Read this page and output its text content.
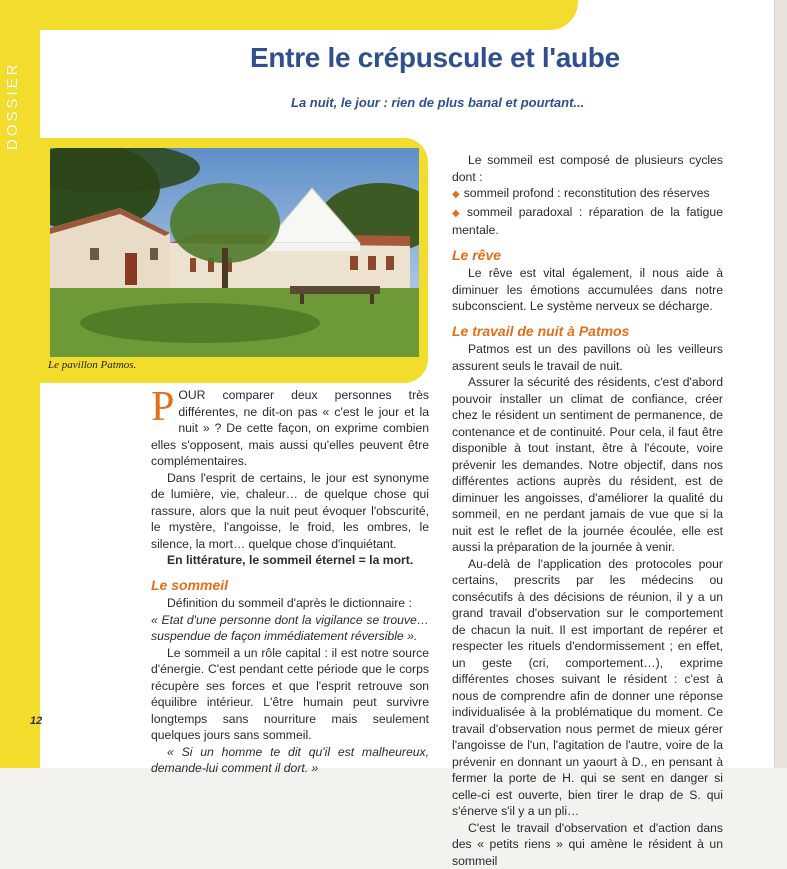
DOSSIER
Entre le crépuscule et l'aube
La nuit, le jour : rien de plus banal et pourtant...
Le pavillon Patmos.

POUR comparer deux personnes très différentes, ne dit-on pas « c'est le jour et la nuit » ? De cette façon, on exprime combien elles s'opposent, mais aussi qu'elles peuvent être complémentaires.

Dans l'esprit de certains, le jour est synonyme de lumière, vie, chaleur… de quelque chose qui rassure, alors que la nuit peut évoquer l'obscurité, le mystère, l'angoisse, le froid, les ombres, le silence, la mort… quelque chose d'inquiétant.

En littérature, le sommeil éternel = la mort.

Le sommeil

Définition du sommeil d'après le dictionnaire :

« Etat d'une personne dont la vigilance se trouve…suspendue de façon immédiatement réversible ».

Le sommeil a un rôle capital : il est notre source d'énergie. C'est pendant cette période que le corps récupère ses forces et que l'esprit retrouve son équilibre intérieur. L'être humain peut survivre longtemps sans nourriture mais seulement quelques jours sans sommeil.

« Si un homme te dit qu'il est malheureux, demande-lui comment il dort. »

Le sommeil est composé de plusieurs cycles dont :

◆ sommeil profond : reconstitution des réserves

◆ sommeil paradoxal : réparation de la fatigue mentale.

Le rêve

Le rêve est vital également, il nous aide à diminuer les émotions accumulées dans notre subconscient. Le système nerveux se décharge.

Le travail de nuit à Patmos

Patmos est un des pavillons où les veilleurs assurent seuls le travail de nuit.

Assurer la sécurité des résidents, c'est d'abord pouvoir installer un climat de confiance, créer chez le résident un sentiment de permanence, de contenance et de continuité. Pour cela, il faut être disponible à tout instant, être à l'écoute, voire prévenir les demandes. Notre objectif, dans nos différentes actions auprès du résident, est de diminuer les angoisses, d'améliorer la qualité du sommeil, en ne perdant jamais de vue que si la nuit est le reflet de la journée écoulée, elle est aussi la préparation de la journée à venir.

Au-delà de l'application des protocoles pour certains, prescrits par les médecins ou consécutifs à des décisions de réunion, il y a un grand travail d'observation sur le comportement de chacun la nuit. Il est important de repérer et respecter les rituels d'endormissement ; en effet, un geste (cri, comportement…), exprime différentes choses suivant le résident : c'est à nous de comprendre afin de donner une réponse individualisée à la problématique du moment. Ce travail d'observation nous permet de mieux gérer l'angoisse de l'un, l'agitation de l'autre, voire de la prévenir en donnant un yaourt à D., en pensant à fermer la porte de H. qui se sent en danger si celle-ci est ouverte, bien tirer le drap de S. qui s'énerve s'il y a un pli…

C'est le travail d'observation et d'action dans des « petits riens » qui amène le résident à un sommeil

12
